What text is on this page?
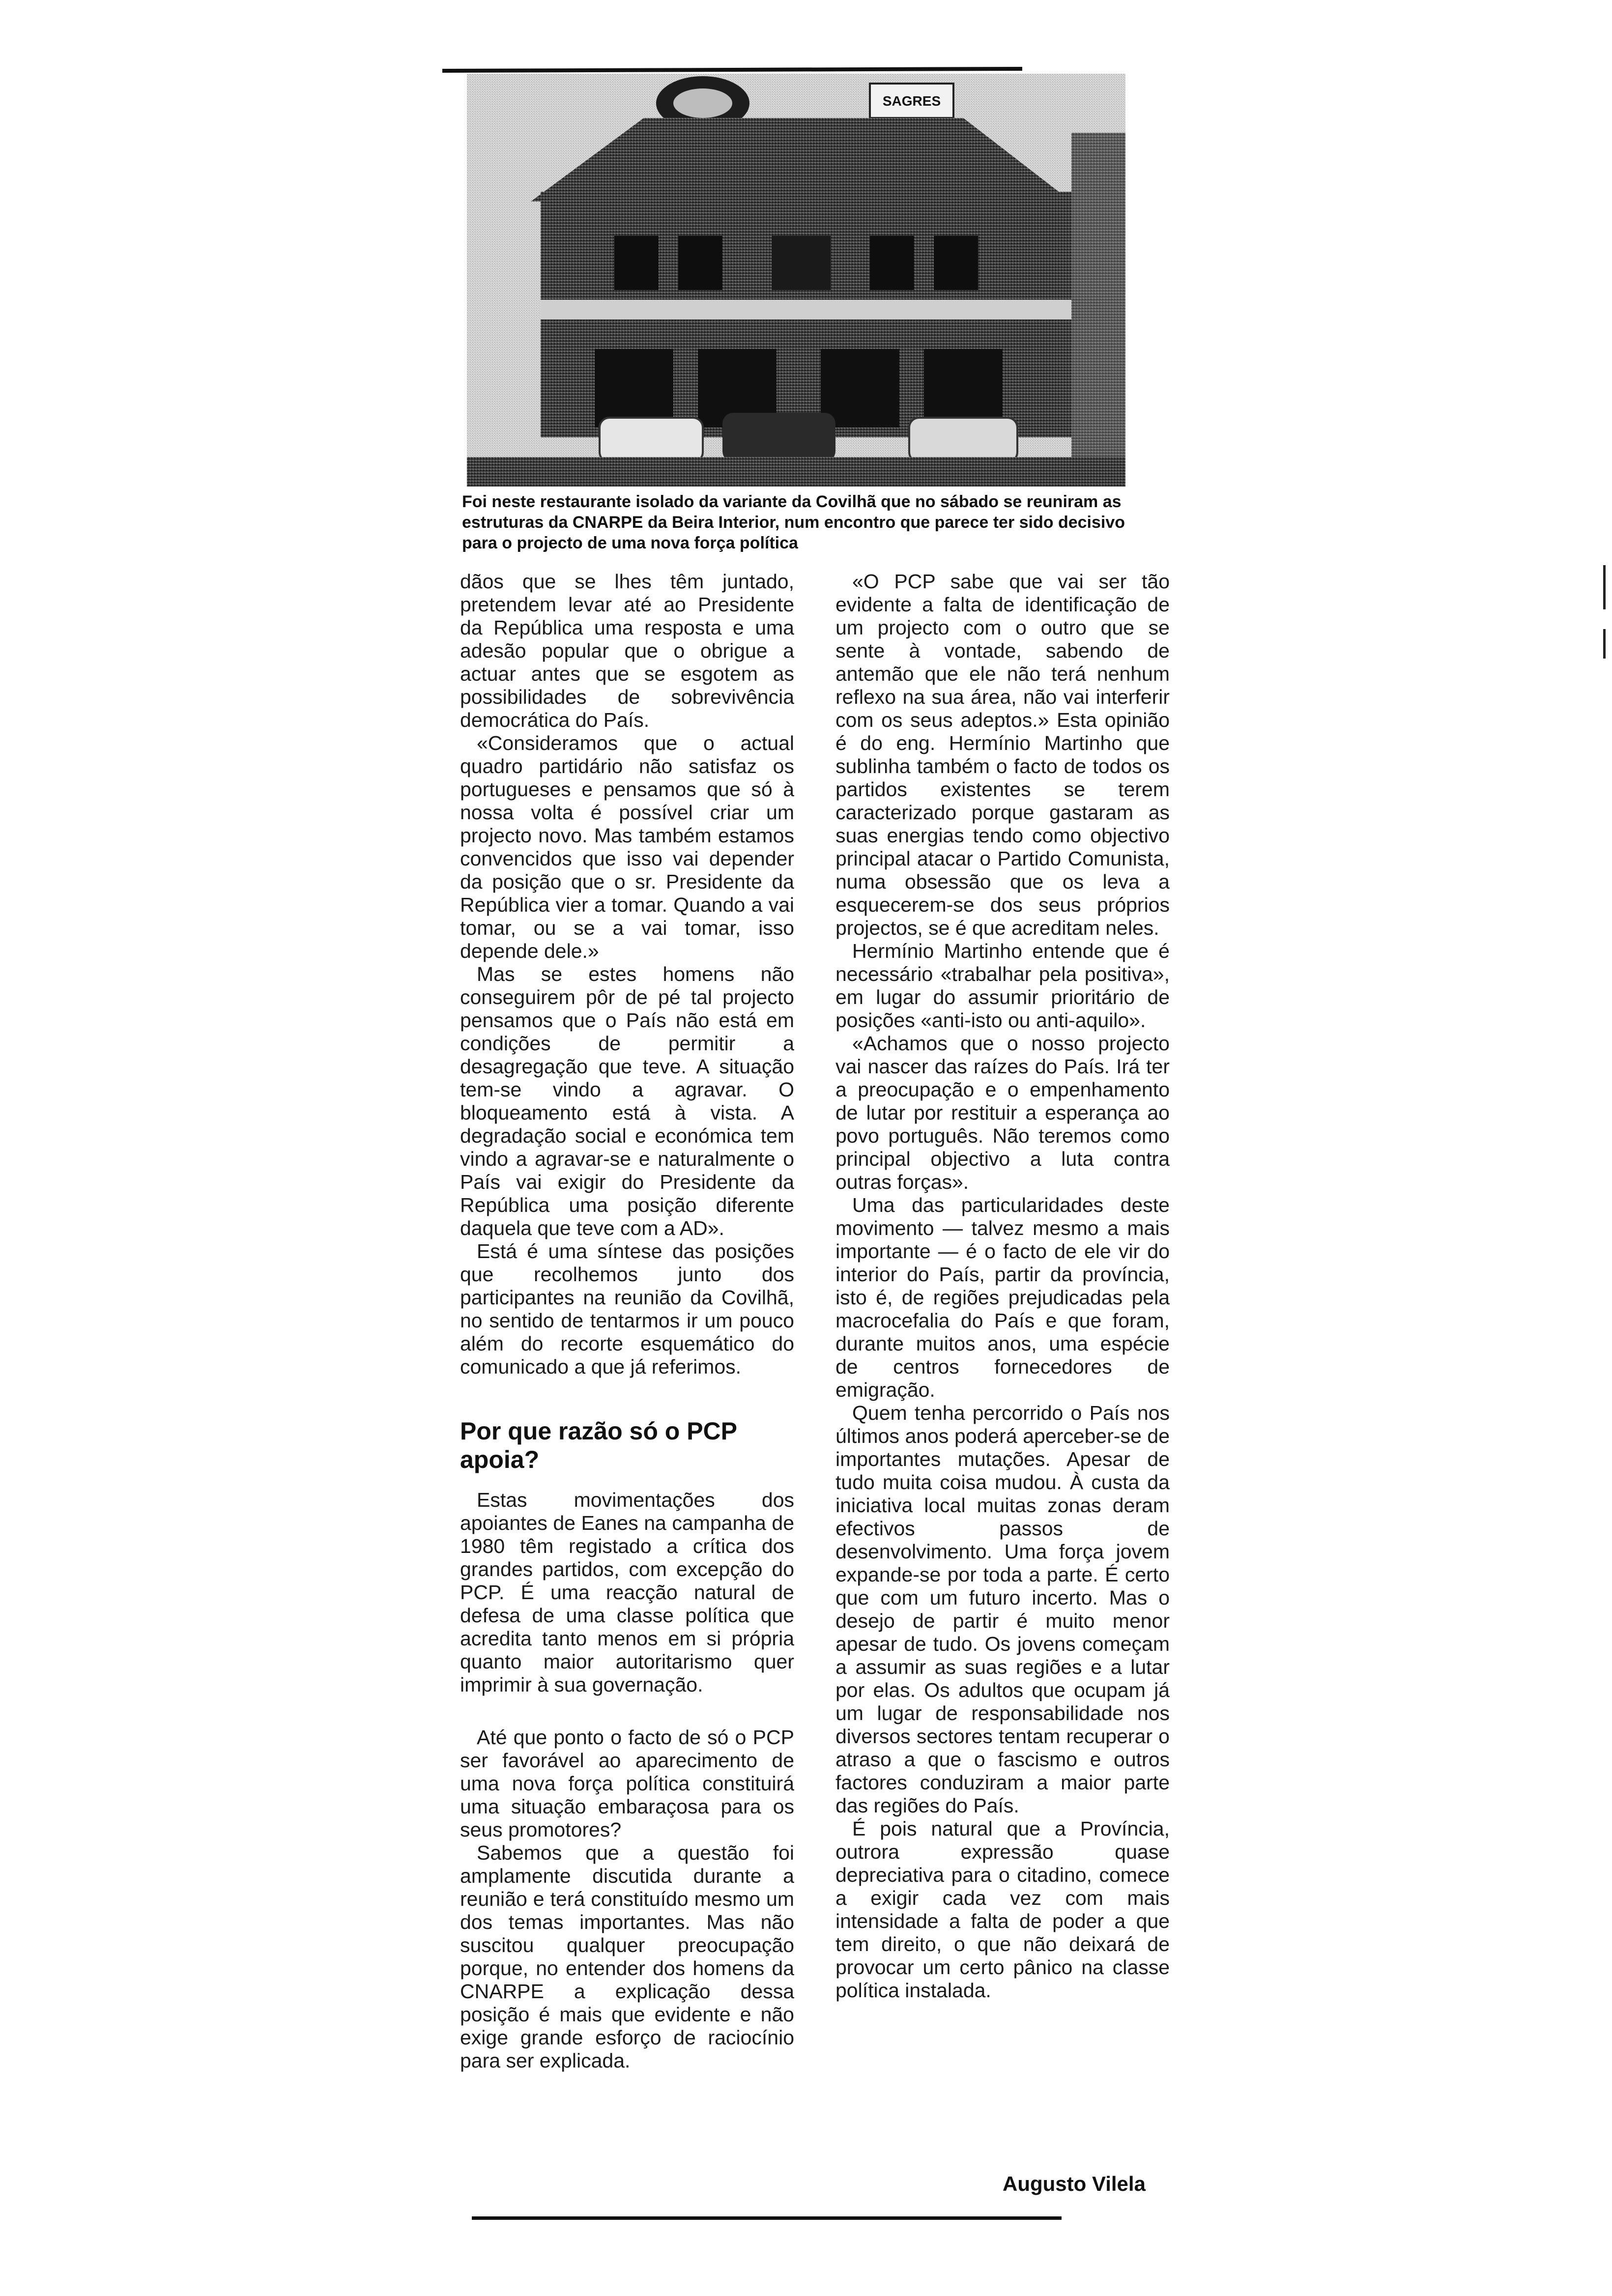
SAGRES
Foi neste restaurante isolado da variante da Covilhã que no sábado se reuniram as estruturas da CNARPE da Beira Interior, num encontro que parece ter sido decisivo para o projecto de uma nova força política

dãos que se lhes têm juntado, pretendem levar até ao Presidente da República uma resposta e uma adesão popular que o obrigue a actuar antes que se esgotem as possibilidades de sobrevivência democrática do País.

«Consideramos que o actual quadro partidário não satisfaz os portugueses e pensamos que só à nossa volta é possível criar um projecto novo. Mas também estamos convencidos que isso vai depender da posição que o sr. Presidente da República vier a tomar. Quando a vai tomar, ou se a vai tomar, isso depende dele.»

Mas se estes homens não conseguirem pôr de pé tal projecto pensamos que o País não está em condições de permitir a desagregação que teve. A situação tem-se vindo a agravar. O bloqueamento está à vista. A degradação social e económica tem vindo a agravar-se e naturalmente o País vai exigir do Presidente da República uma posição diferente daquela que teve com a AD».

Está é uma síntese das posições que recolhemos junto dos participantes na reunião da Covilhã, no sentido de tentarmos ir um pouco além do recorte esquemático do comunicado a que já referimos.

Por que razão só o PCP apoia?

Estas movimentações dos apoiantes de Eanes na campanha de 1980 têm registado a crítica dos grandes partidos, com excepção do PCP. É uma reacção natural de defesa de uma classe política que acredita tanto menos em si própria quanto maior autoritarismo quer imprimir à sua governação.

Até que ponto o facto de só o PCP ser favorável ao aparecimento de uma nova força política constituirá uma situação embaraçosa para os seus promotores?

Sabemos que a questão foi amplamente discutida durante a reunião e terá constituído mesmo um dos temas importantes. Mas não suscitou qualquer preocupação porque, no entender dos homens da CNARPE a explicação dessa posição é mais que evidente e não exige grande esforço de raciocínio para ser explicada.

«O PCP sabe que vai ser tão evidente a falta de identificação de um projecto com o outro que se sente à vontade, sabendo de antemão que ele não terá nenhum reflexo na sua área, não vai interferir com os seus adeptos.» Esta opinião é do eng. Hermínio Martinho que sublinha também o facto de todos os partidos existentes se terem caracterizado porque gastaram as suas energias tendo como objectivo principal atacar o Partido Comunista, numa obsessão que os leva a esquecerem-se dos seus próprios projectos, se é que acreditam neles.

Hermínio Martinho entende que é necessário «trabalhar pela positiva», em lugar do assumir prioritário de posições «anti-isto ou anti-aquilo».

«Achamos que o nosso projecto vai nascer das raízes do País. Irá ter a preocupação e o empenhamento de lutar por restituir a esperança ao povo português. Não teremos como principal objectivo a luta contra outras forças».

Uma das particularidades deste movimento — talvez mesmo a mais importante — é o facto de ele vir do interior do País, partir da província, isto é, de regiões prejudicadas pela macrocefalia do País e que foram, durante muitos anos, uma espécie de centros fornecedores de emigração.

Quem tenha percorrido o País nos últimos anos poderá aperceber-se de importantes mutações. Apesar de tudo muita coisa mudou. À custa da iniciativa local muitas zonas deram efectivos passos de desenvolvimento. Uma força jovem expande-se por toda a parte. É certo que com um futuro incerto. Mas o desejo de partir é muito menor apesar de tudo. Os jovens começam a assumir as suas regiões e a lutar por elas. Os adultos que ocupam já um lugar de responsabilidade nos diversos sectores tentam recuperar o atraso a que o fascismo e outros factores conduziram a maior parte das regiões do País.

É pois natural que a Província, outrora expressão quase depreciativa para o citadino, comece a exigir cada vez com mais intensidade a falta de poder a que tem direito, o que não deixará de provocar um certo pânico na classe política instalada.

Augusto Vilela
